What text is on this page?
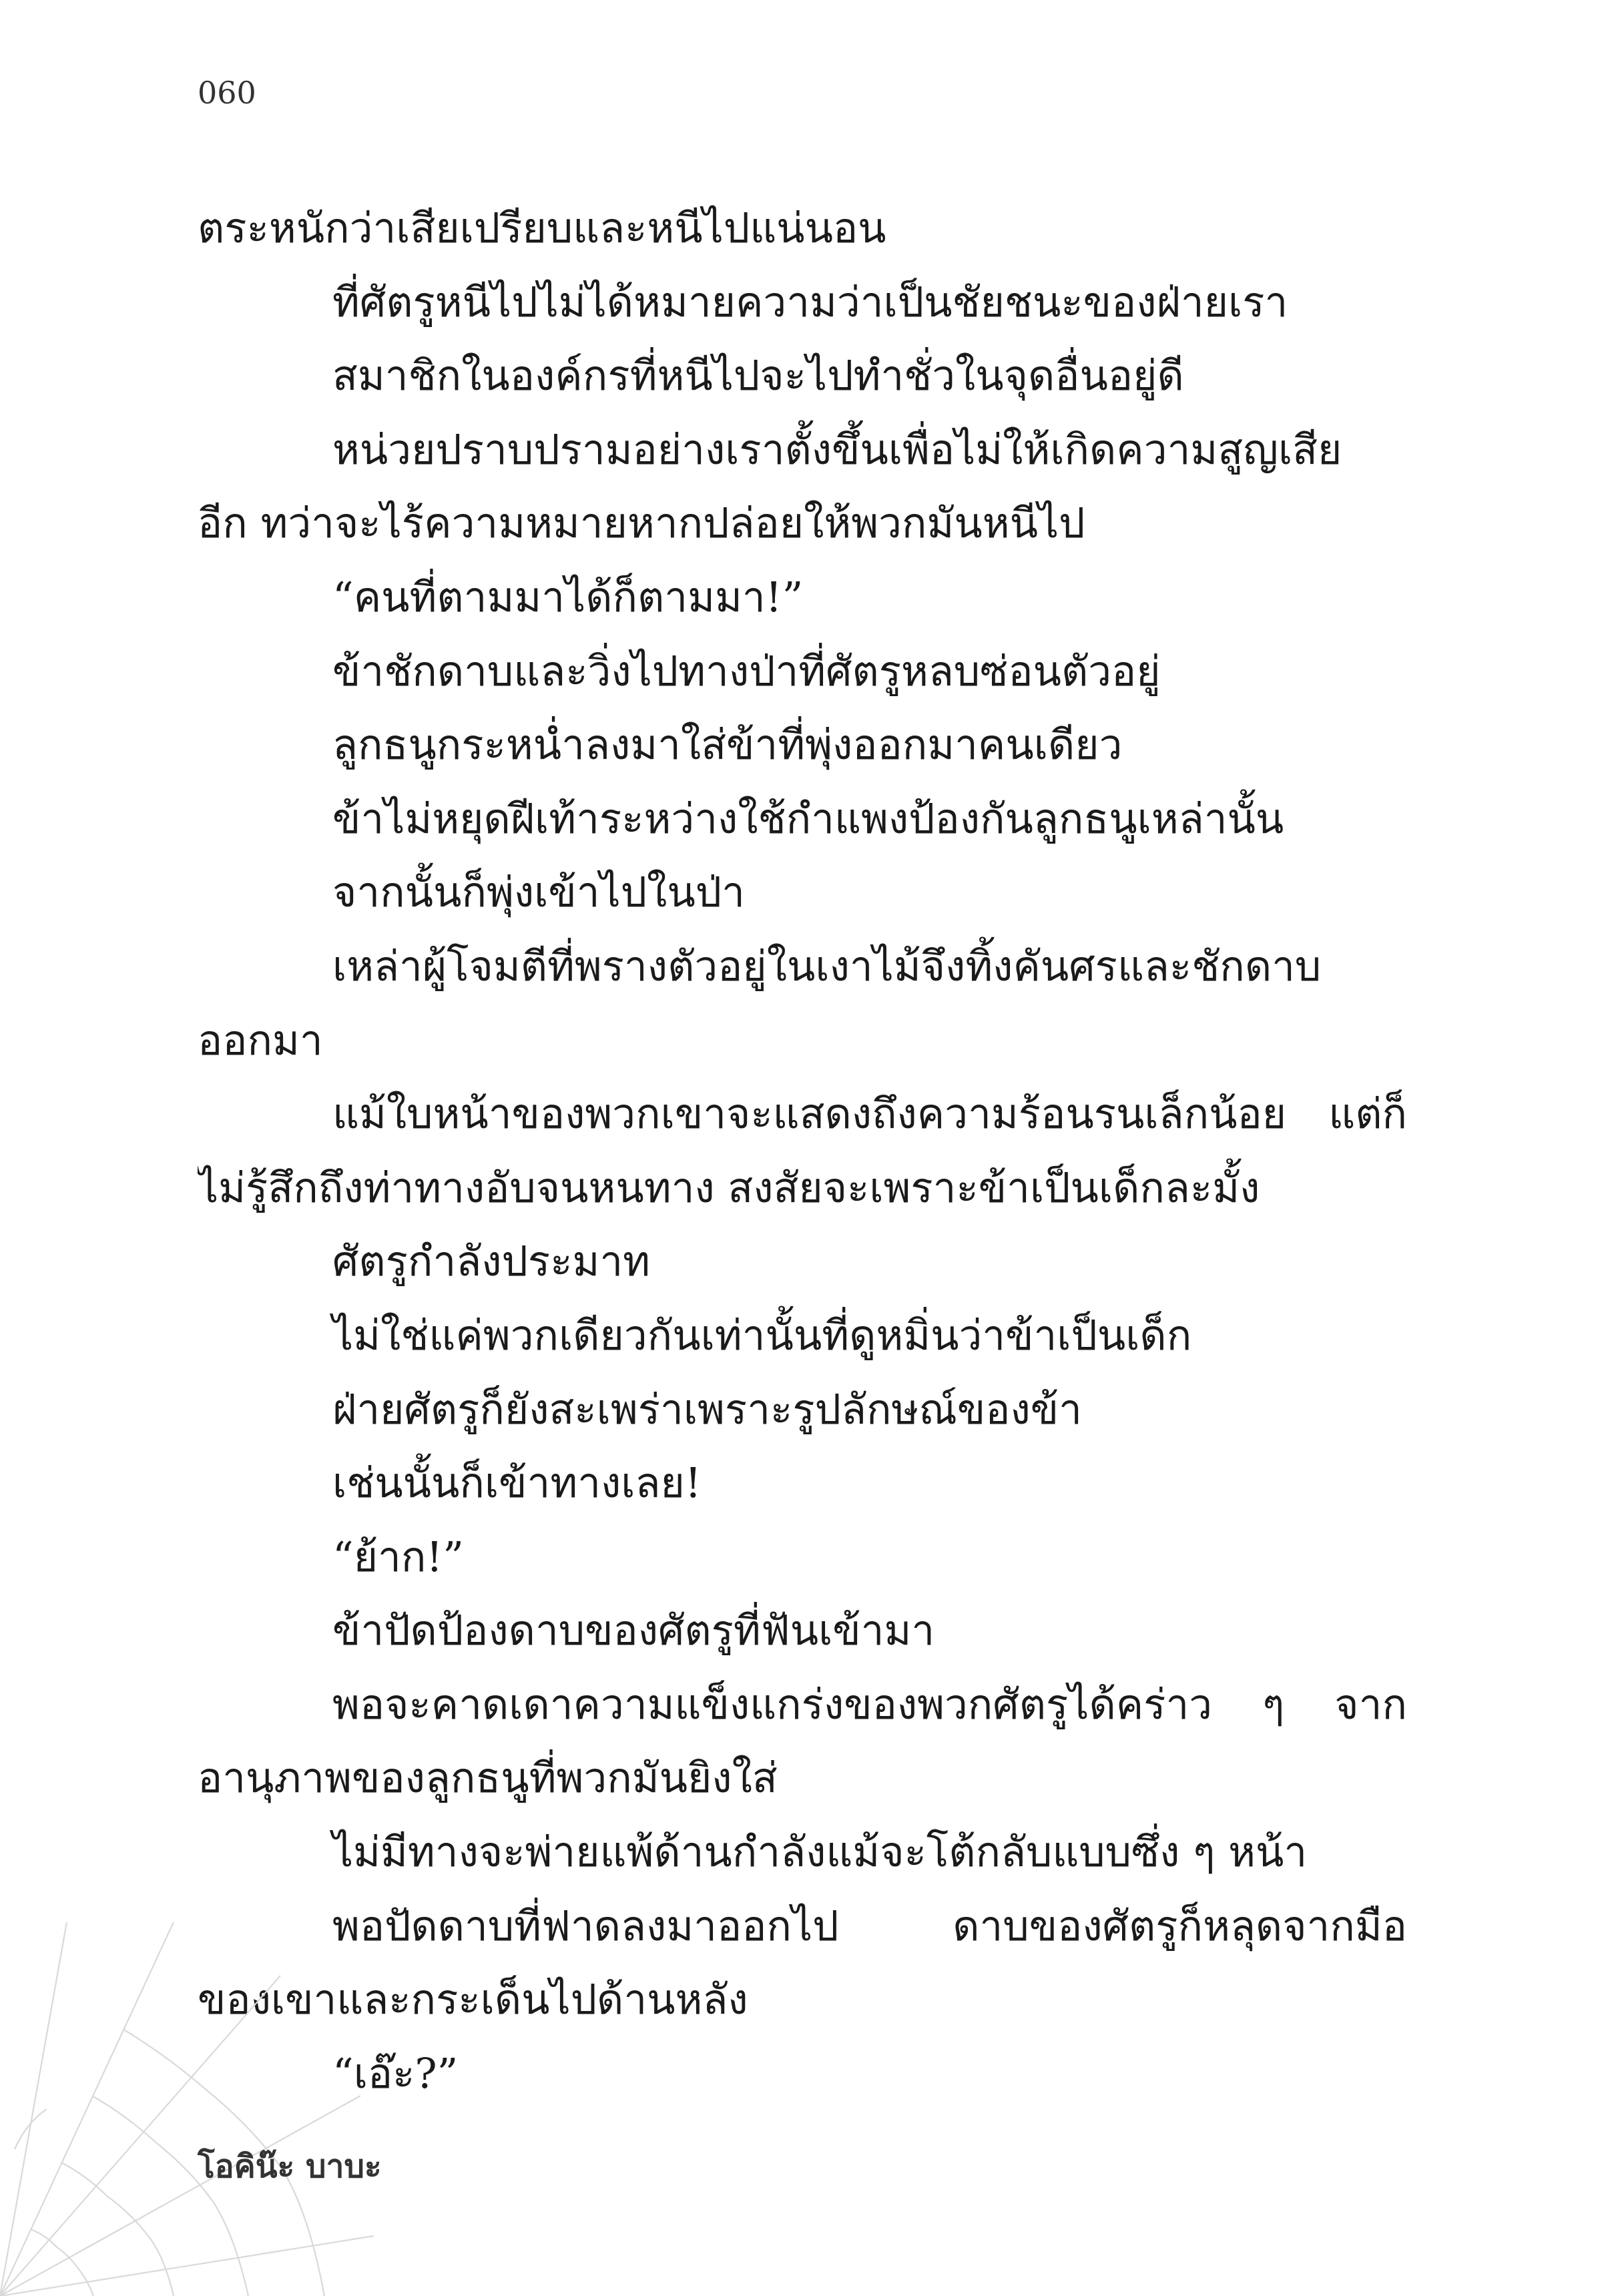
060
ตระหนักว่าเสียเปรียบและหนีไปแน่นอน
ที่ศัตรูหนีไปไม่ได้หมายความว่าเป็นชัยชนะของฝ่ายเรา
สมาชิกในองค์กรที่หนีไปจะไปทำชั่วในจุดอื่นอยู่ดี
หน่วยปราบปรามอย่างเราตั้งขึ้นเพื่อไม่ให้เกิดความสูญเสีย
อีก ทว่าจะไร้ความหมายหากปล่อยให้พวกมันหนีไป
“คนที่ตามมาได้ก็ตามมา!”
ข้าชักดาบและวิ่งไปทางป่าที่ศัตรูหลบซ่อนตัวอยู่
ลูกธนูกระหน่ำลงมาใส่ข้าที่พุ่งออกมาคนเดียว
ข้าไม่หยุดฝีเท้าระหว่างใช้กำแพงป้องกันลูกธนูเหล่านั้น
จากนั้นก็พุ่งเข้าไปในป่า
เหล่าผู้โจมตีที่พรางตัวอยู่ในเงาไม้จึงทิ้งคันศรและชักดาบ
ออกมา
แม้ใบหน้าของพวกเขาจะแสดงถึงความร้อนรนเล็กน้อย แต่ก็
ไม่รู้สึกถึงท่าทางอับจนหนทาง สงสัยจะเพราะข้าเป็นเด็กละมั้ง
ศัตรูกำลังประมาท
ไม่ใช่แค่พวกเดียวกันเท่านั้นที่ดูหมิ่นว่าข้าเป็นเด็ก
ฝ่ายศัตรูก็ยังสะเพร่าเพราะรูปลักษณ์ของข้า
เช่นนั้นก็เข้าทางเลย!
“ย้าก!”
ข้าปัดป้องดาบของศัตรูที่ฟันเข้ามา
พอจะคาดเดาความแข็งแกร่งของพวกศัตรูได้คร่าว ๆ จาก
อานุภาพของลูกธนูที่พวกมันยิงใส่
ไม่มีทางจะพ่ายแพ้ด้านกำลังแม้จะโต้กลับแบบซึ่ง ๆ หน้า
พอปัดดาบที่ฟาดลงมาออกไป ดาบของศัตรูก็หลุดจากมือ
ของเขาและกระเด็นไปด้านหลัง
“เอ๊ะ?”
โอคิน๊ะ บาบะ
